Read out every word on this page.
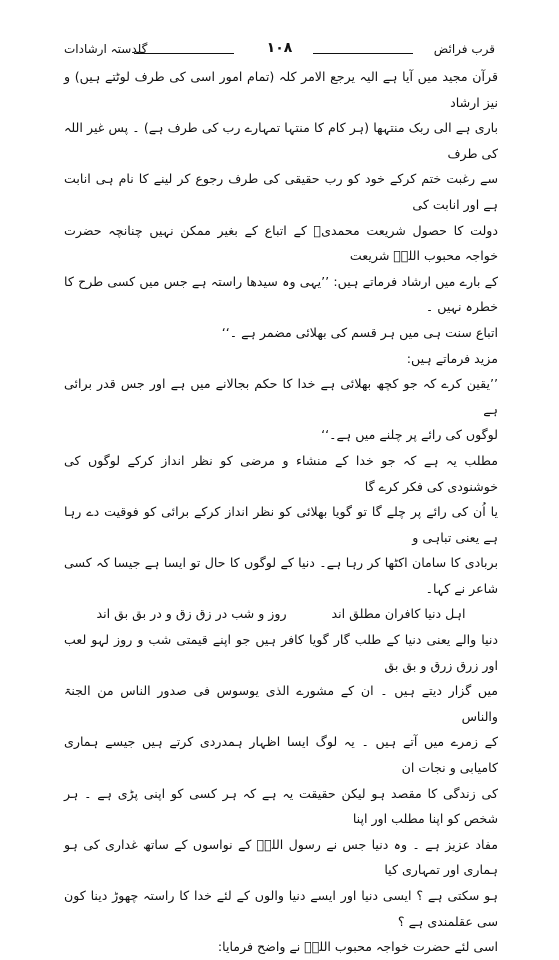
گلدستہ ارشادات	۱۰۸	قرب فرائض

قرآن مجید میں آیا ہے الیہ یرجع الامر کلہ (تمام امور اسی کی طرف لوٹتے ہیں) و نیز ارشاد

باری ہے الی ربک منتہھا (ہر کام کا منتہا تمہارے رب کی طرف ہے) ۔ پس غیر اللہ کی طرف

سے رغبت ختم کرکے خود کو رب حقیقی کی طرف رجوع کر لینے کا نام ہی انابت ہے اور انابت کی

دولت کا حصول شریعت محمدیؐ کے اتباع کے بغیر ممکن نہیں چنانچہ حضرت خواجہ محبوب اللہؒ شریعت

کے بارے میں ارشاد فرماتے ہیں: ’’یہی وہ سیدھا راستہ ہے جس میں کسی طرح کا خطرہ نہیں ۔

اتباع سنت ہی میں ہر قسم کی بھلائی مضمر ہے ۔‘‘

مزید فرماتے ہیں:

’’یقین کرے کہ جو کچھ بھلائی ہے خدا کا حکم بجالانے میں ہے اور جس قدر برائی ہے

لوگوں کی رائے پر چلنے میں ہے۔‘‘

مطلب یہ ہے کہ جو خدا کے منشاء و مرضی کو نظر انداز کرکے لوگوں کی خوشنودی کی فکر کرے گا

یا اُن کی رائے پر چلے گا تو گویا بھلائی کو نظر انداز کرکے برائی کو فوقیت دے رہا ہے یعنی تباہی و

بربادی کا سامان اکٹھا کر رہا ہے۔ دنیا کے لوگوں کا حال تو ایسا ہے جیسا کہ کسی شاعر نے کہا۔

اہل دنیا کافران مطلق اند
روز و شب در زق زق و در بق بق اند

دنیا والے یعنی دنیا کے طلب گار گویا کافر ہیں جو اپنے قیمتی شب و روز لہو لعب اور زرق زرق و بق بق

میں گزار دیتے ہیں ۔ ان کے مشورے الذی یوسوس فی صدور الناس من الجنۃ والناس

کے زمرے میں آتے ہیں ۔ یہ لوگ ایسا اظہار ہمدردی کرتے ہیں جیسے ہماری کامیابی و نجات ان

کی زندگی کا مقصد ہو لیکن حقیقت یہ ہے کہ ہر کسی کو اپنی پڑی ہے ۔ ہر شخص کو اپنا مطلب اور اپنا

مفاد عزیز ہے ۔ وہ دنیا جس نے رسول اللہؐ کے نواسوں کے ساتھ غداری کی ہو ہماری اور تمہاری کیا

ہو سکتی ہے ؟ ایسی دنیا اور ایسے دنیا والوں کے لئے خدا کا راستہ چھوڑ دینا کون سی عقلمندی ہے ؟

اسی لئے حضرت خواجہ محبوب اللہؒ نے واضح فرمایا:
